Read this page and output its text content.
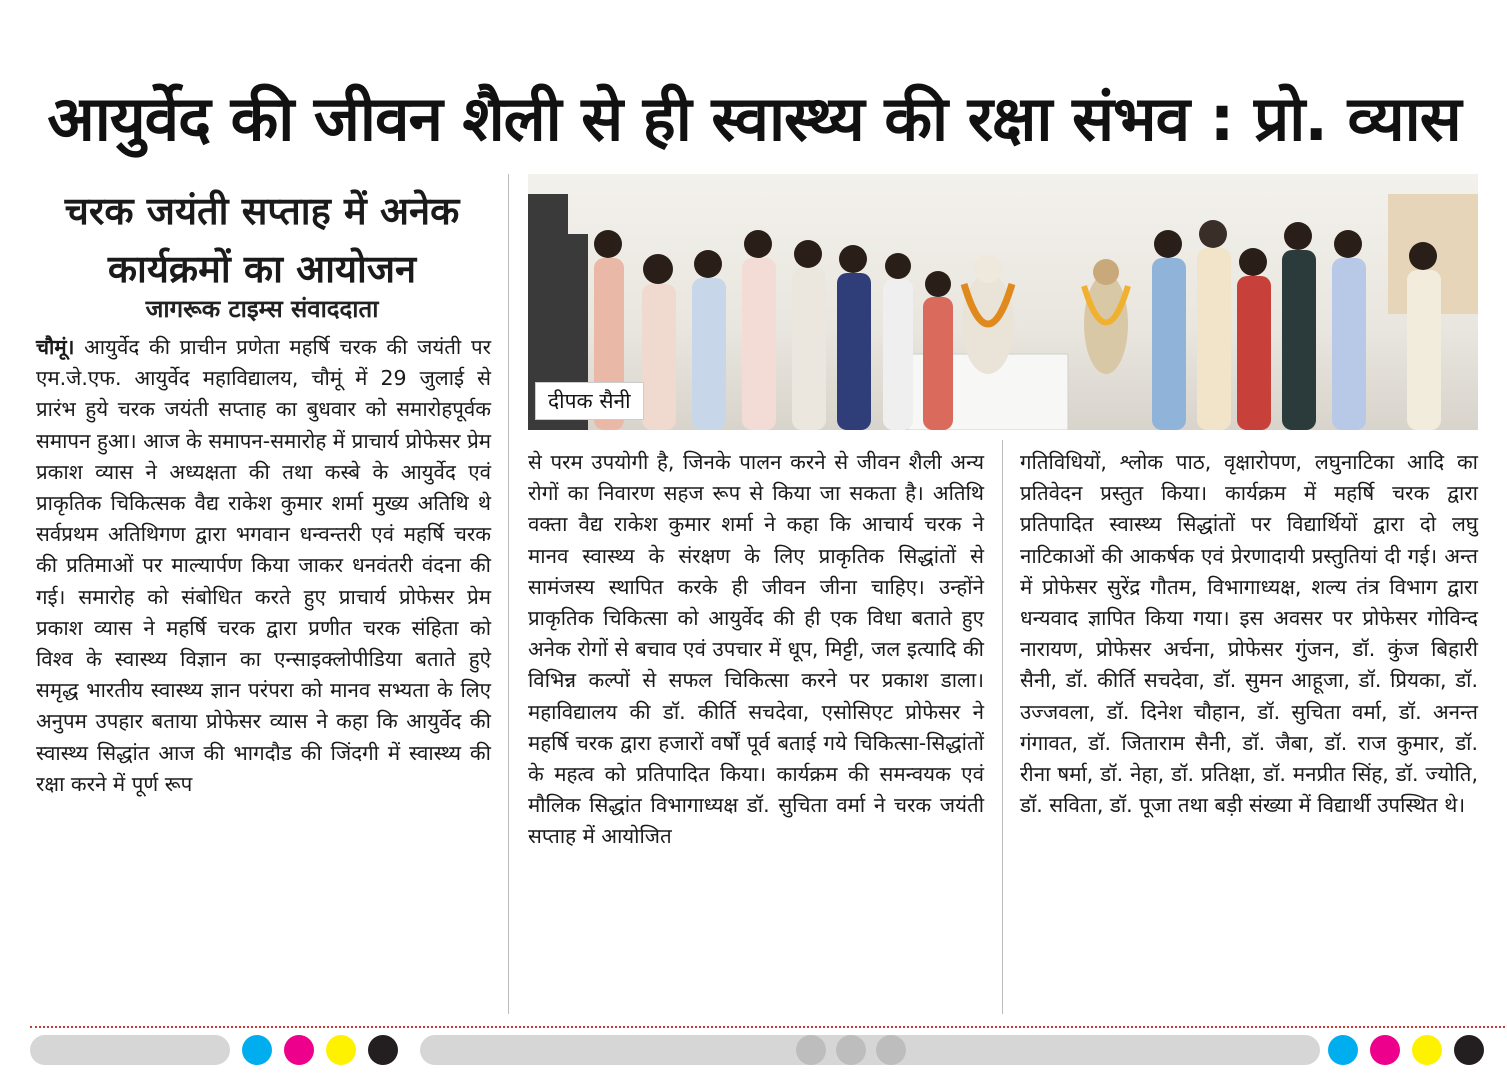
आयुर्वेद की जीवन शैली से ही स्वास्थ्य की रक्षा संभव : प्रो. व्यास
चरक जयंती सप्ताह में अनेक
कार्यक्रमों का आयोजन
जागरूक टाइम्स संवाददाता

चौमूं। आयुर्वेद की प्राचीन प्रणेता महर्षि चरक की जयंती पर एम.जे.एफ. आयुर्वेद महाविद्यालय, चौमूं में 29 जुलाई से प्रारंभ हुये चरक जयंती सप्ताह का बुधवार को समारोहपूर्वक समापन हुआ। आज के समापन-समारोह में प्राचार्य प्रोफेसर प्रेम प्रकाश व्यास ने अध्यक्षता की तथा कस्बे के आयुर्वेद एवं प्राकृतिक चिकित्सक वैद्य राकेश कुमार शर्मा मुख्य अतिथि थे सर्वप्रथम अतिथिगण द्वारा भगवान धन्वन्तरी एवं महर्षि चरक की प्रतिमाओं पर माल्यार्पण किया जाकर धनवंतरी वंदना की गई। समारोह को संबोधित करते हुए प्राचार्य प्रोफेसर प्रेम प्रकाश व्यास ने महर्षि चरक द्वारा प्रणीत चरक संहिता को विश्व के स्वास्थ्य विज्ञान का एन्साइक्लोपीडिया बताते हुऐ समृद्ध भारतीय स्वास्थ्य ज्ञान परंपरा को मानव सभ्यता के लिए अनुपम उपहार बताया प्रोफेसर व्यास ने कहा कि आयुर्वेद की स्वास्थ्य सिद्धांत आज की भागदौड की जिंदगी में स्वास्थ्य की रक्षा करने में पूर्ण रूप

दीपक सैनी

से परम उपयोगी है, जिनके पालन करने से जीवन शैली अन्य रोगों का निवारण सहज रूप से किया जा सकता है। अतिथि वक्ता वैद्य राकेश कुमार शर्मा ने कहा कि आचार्य चरक ने मानव स्वास्थ्य के संरक्षण के लिए प्राकृतिक सिद्धांतों से सामंजस्य स्थापित करके ही जीवन जीना चाहिए। उन्होंने प्राकृतिक चिकित्सा को आयुर्वेद की ही एक विधा बताते हुए अनेक रोगों से बचाव एवं उपचार में धूप, मिट्टी, जल इत्यादि की विभिन्न कल्पों से सफल चिकित्सा करने पर प्रकाश डाला। महाविद्यालय की डॉ. कीर्ति सचदेवा, एसोसिएट प्रोफेसर ने महर्षि चरक द्वारा हजारों वर्षों पूर्व बताई गये चिकित्सा-सिद्धांतों के महत्व को प्रतिपादित किया। कार्यक्रम की समन्वयक एवं मौलिक सिद्धांत विभागाध्यक्ष डॉ. सुचिता वर्मा ने चरक जयंती सप्ताह में आयोजित

गतिविधियों, श्लोक पाठ, वृक्षारोपण, लघुनाटिका आदि का प्रतिवेदन प्रस्तुत किया। कार्यक्रम में महर्षि चरक द्वारा प्रतिपादित स्वास्थ्य सिद्धांतों पर विद्यार्थियों द्वारा दो लघु नाटिकाओं की आकर्षक एवं प्रेरणादायी प्रस्तुतियां दी गई। अन्त में प्रोफेसर सुरेंद्र गौतम, विभागाध्यक्ष, शल्य तंत्र विभाग द्वारा धन्यवाद ज्ञापित किया गया। इस अवसर पर प्रोफेसर गोविन्द नारायण, प्रोफेसर अर्चना, प्रोफेसर गुंजन, डॉ. कुंज बिहारी सैनी, डॉ. कीर्ति सचदेवा, डॉ. सुमन आहूजा, डॉ. प्रियका, डॉ. उज्जवला, डॉ. दिनेश चौहान, डॉ. सुचिता वर्मा, डॉ. अनन्त गंगावत, डॉ. जिताराम सैनी, डॉ. जैबा, डॉ. राज कुमार, डॉ. रीना षर्मा, डॉ. नेहा, डॉ. प्रतिक्षा, डॉ. मनप्रीत सिंह, डॉ. ज्योति, डॉ. सविता, डॉ. पूजा तथा बड़ी संख्या में विद्यार्थी उपस्थित थे।
